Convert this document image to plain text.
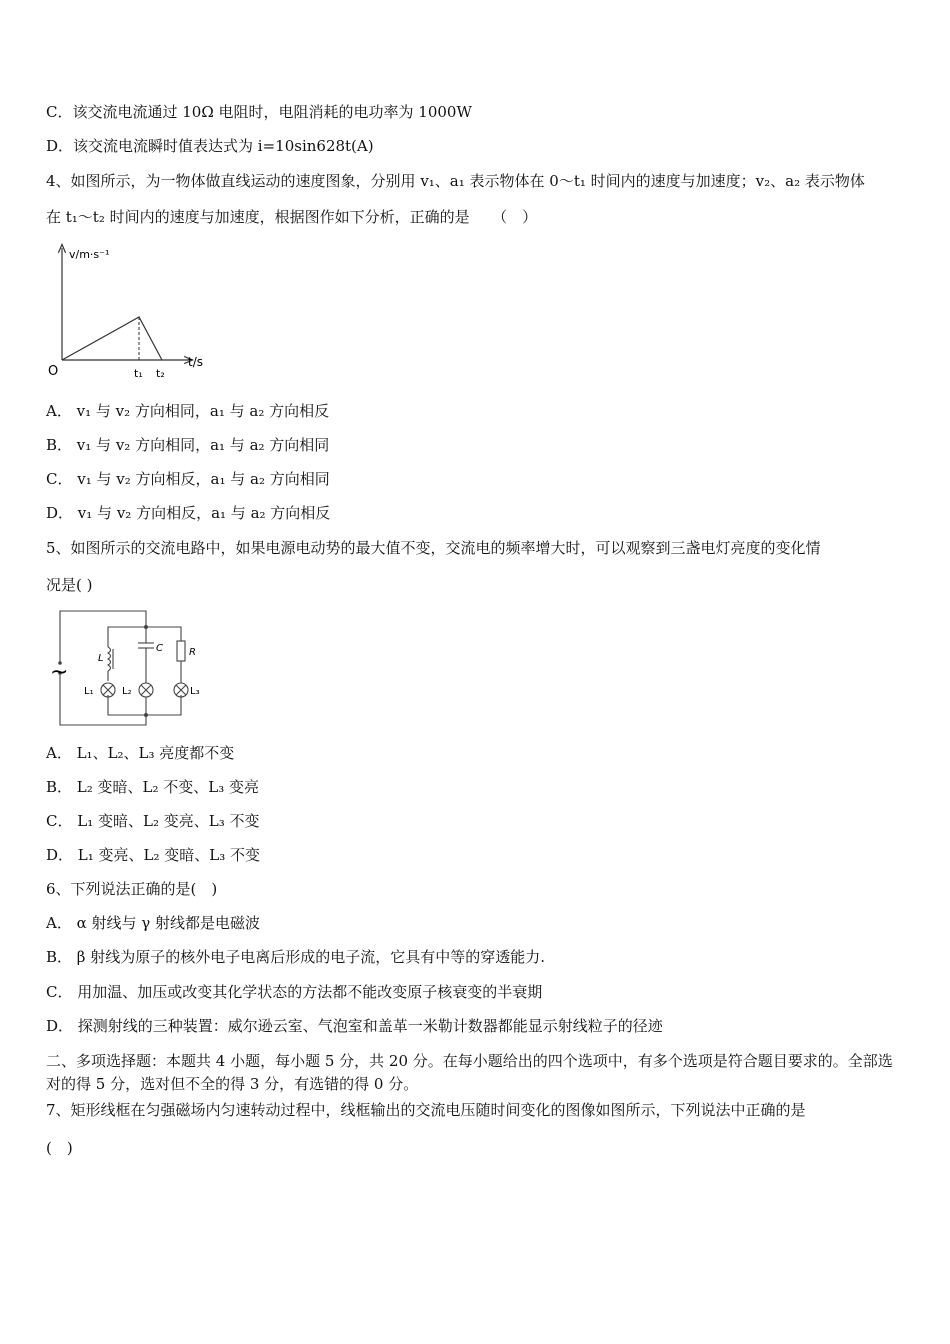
C．该交流电流通过 10Ω 电阻时，电阻消耗的电功率为 1000W
D．该交流电流瞬时值表达式为 i=10sin628t(A)
4、如图所示，为一物体做直线运动的速度图象，分别用 v₁、a₁ 表示物体在 0～t₁ 时间内的速度与加速度；v₂、a₂ 表示物体
在 t₁～t₂ 时间内的速度与加速度，根据图作如下分析，正确的是　　（　）
v/m·s⁻¹
t/s
O	t₁ t₂
A． v₁ 与 v₂ 方向相同，a₁ 与 a₂ 方向相反
B． v₁ 与 v₂ 方向相同，a₁ 与 a₂ 方向相同
C． v₁ 与 v₂ 方向相反，a₁ 与 a₂ 方向相同
D． v₁ 与 v₂ 方向相反，a₁ 与 a₂ 方向相反
5、如图所示的交流电路中，如果电源电动势的最大值不变，交流电的频率增大时，可以观察到三盏电灯亮度的变化情
况是( )
~
L
C	R
L₁	L₂	L₃
A． L₁、L₂、L₃ 亮度都不变
B． L₂ 变暗、L₂ 不变、L₃ 变亮
C． L₁ 变暗、L₂ 变亮、L₃ 不变
D． L₁ 变亮、L₂ 变暗、L₃ 不变
6、下列说法正确的是(　)
A． α 射线与 γ 射线都是电磁波
B． β 射线为原子的核外电子电离后形成的电子流，它具有中等的穿透能力.
C． 用加温、加压或改变其化学状态的方法都不能改变原子核衰变的半衰期
D． 探测射线的三种装置：威尔逊云室、气泡室和盖革一米勒计数器都能显示射线粒子的径迹
二、多项选择题：本题共 4 小题，每小题 5 分，共 20 分。在每小题给出的四个选项中，有多个选项是符合题目要求的。全部选对的得 5 分，选对但不全的得 3 分，有选错的得 0 分。
7、矩形线框在匀强磁场内匀速转动过程中，线框输出的交流电压随时间变化的图像如图所示，下列说法中正确的是
(　)
